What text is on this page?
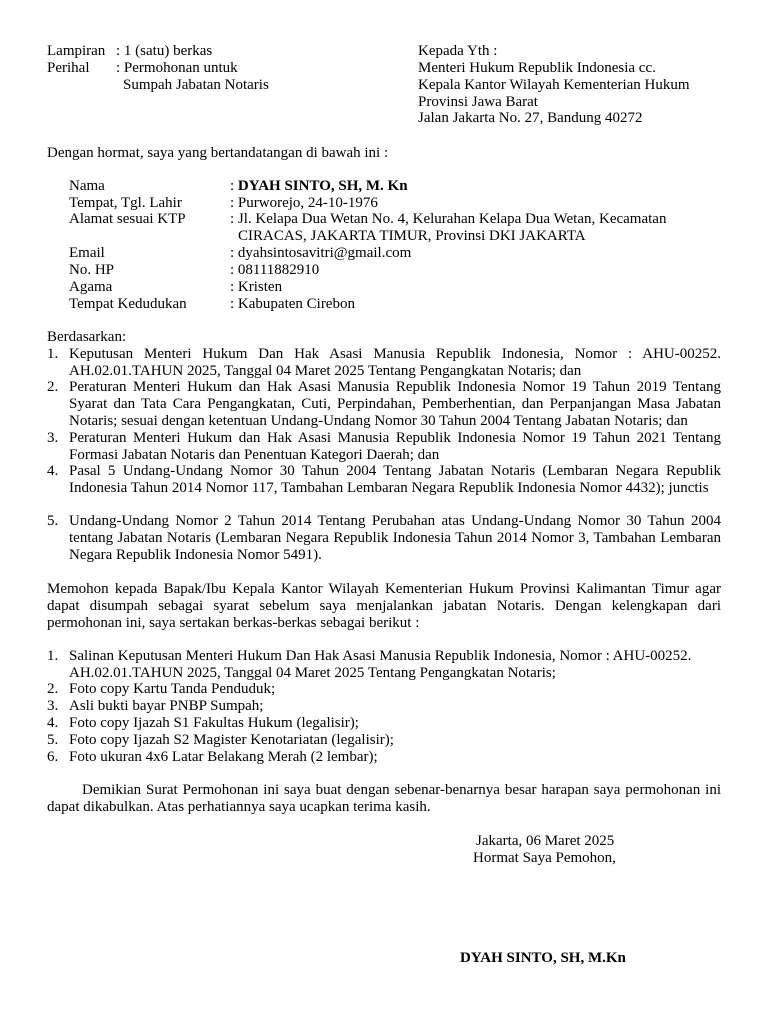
Lampiran : 1 (satu) berkas
Perihal : Permohonan untuk
Sumpah Jabatan Notaris
Kepada Yth :
Menteri Hukum Republik Indonesia cc.
Kepala Kantor Wilayah Kementerian Hukum
Provinsi Jawa Barat
Jalan Jakarta No. 27, Bandung 40272
Dengan hormat, saya yang bertandatangan di bawah ini :
Nama	: DYAH SINTO, SH, M. Kn
Tempat, Tgl. Lahir	: Purworejo, 24-10-1976
Alamat sesuai KTP	: Jl. Kelapa Dua Wetan No. 4, Kelurahan Kelapa Dua Wetan, Kecamatan
CIRACAS, JAKARTA TIMUR, Provinsi DKI JAKARTA
Email	: dyahsintosavitri@gmail.com
No. HP	: 08111882910
Agama	: Kristen
Tempat Kedudukan	: Kabupaten Cirebon
Berdasarkan:
1. Keputusan Menteri Hukum Dan Hak Asasi Manusia Republik Indonesia, Nomor : AHU-00252. AH.02.01.TAHUN 2025, Tanggal 04 Maret 2025 Tentang Pengangkatan Notaris; dan
2. Peraturan Menteri Hukum dan Hak Asasi Manusia Republik Indonesia Nomor 19 Tahun 2019 Tentang Syarat dan Tata Cara Pengangkatan, Cuti, Perpindahan, Pemberhentian, dan Perpanjangan Masa Jabatan Notaris; sesuai dengan ketentuan Undang-Undang Nomor 30 Tahun 2004 Tentang Jabatan Notaris; dan
3. Peraturan Menteri Hukum dan Hak Asasi Manusia Republik Indonesia Nomor 19 Tahun 2021 Tentang Formasi Jabatan Notaris dan Penentuan Kategori Daerah; dan
4. Pasal 5 Undang-Undang Nomor 30 Tahun 2004 Tentang Jabatan Notaris (Lembaran Negara Republik Indonesia Tahun 2014 Nomor 117, Tambahan Lembaran Negara Republik Indonesia Nomor 4432); junctis
5. Undang-Undang Nomor 2 Tahun 2014 Tentang Perubahan atas Undang-Undang Nomor 30 Tahun 2004 tentang Jabatan Notaris (Lembaran Negara Republik Indonesia Tahun 2014 Nomor 3, Tambahan Lembaran Negara Republik Indonesia Nomor 5491).
Memohon kepada Bapak/Ibu Kepala Kantor Wilayah Kementerian Hukum Provinsi Kalimantan Timur agar dapat disumpah sebagai syarat sebelum saya menjalankan jabatan Notaris. Dengan kelengkapan dari permohonan ini, saya sertakan berkas-berkas sebagai berikut :
1. Salinan Keputusan Menteri Hukum Dan Hak Asasi Manusia Republik Indonesia, Nomor : AHU-00252.
AH.02.01.TAHUN 2025, Tanggal 04 Maret 2025 Tentang Pengangkatan Notaris;
2. Foto copy Kartu Tanda Penduduk;
3. Asli bukti bayar PNBP Sumpah;
4. Foto copy Ijazah S1 Fakultas Hukum (legalisir);
5. Foto copy Ijazah S2 Magister Kenotariatan (legalisir);
6. Foto ukuran 4x6 Latar Belakang Merah (2 lembar);
Demikian Surat Permohonan ini saya buat dengan sebenar-benarnya besar harapan saya permohonan ini dapat dikabulkan. Atas perhatiannya saya ucapkan terima kasih.
Jakarta, 06 Maret 2025
Hormat Saya Pemohon,
DYAH SINTO, SH, M.Kn
